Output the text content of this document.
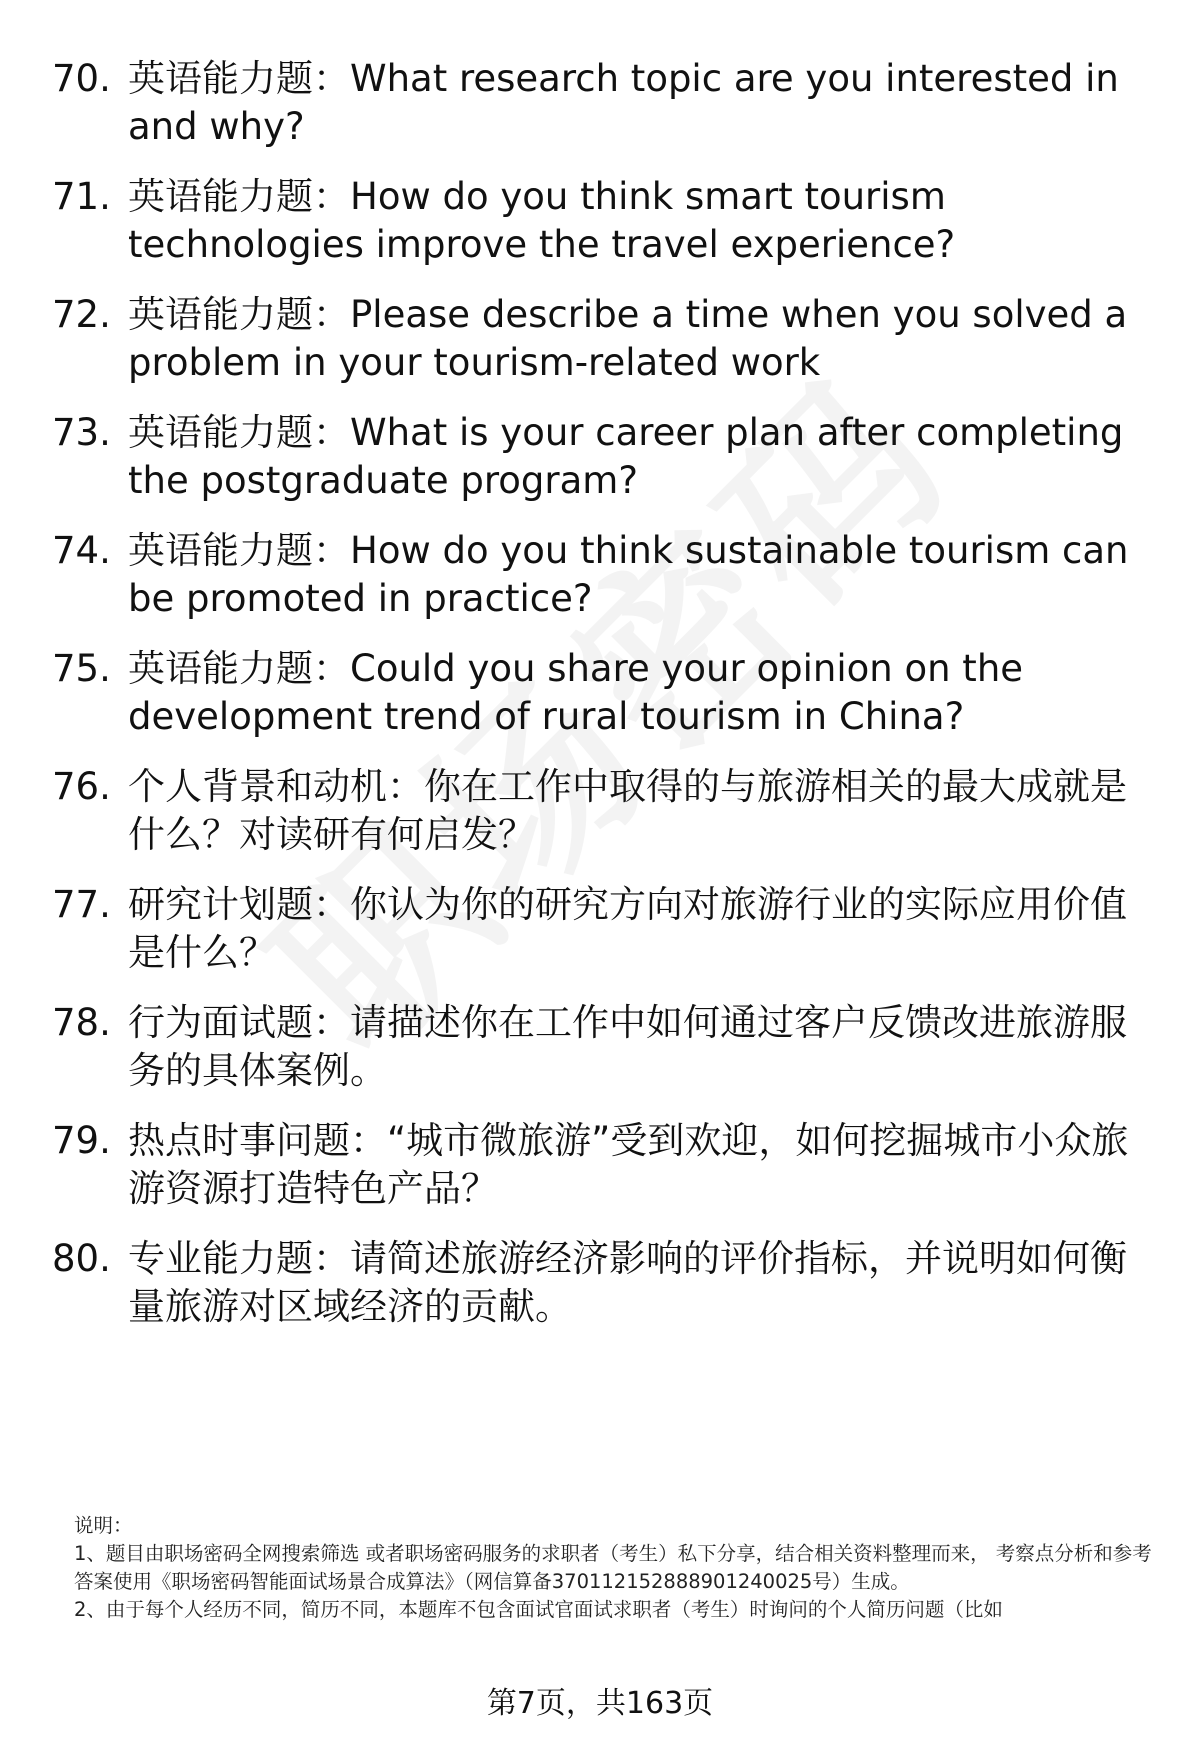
70. 英语能力题：What research topic are you interested in and why?
71. 英语能力题：How do you think smart tourism technologies improve the travel experience?
72. 英语能力题：Please describe a time when you solved a problem in your tourism-related work
73. 英语能力题：What is your career plan after completing the postgraduate program?
74. 英语能力题：How do you think sustainable tourism can be promoted in practice?
75. 英语能力题：Could you share your opinion on the development trend of rural tourism in China?
76. 个人背景和动机：你在工作中取得的与旅游相关的最大成就是什么？对读研有何启发？
77. 研究计划题：你认为你的研究方向对旅游行业的实际应用价值是什么？
78. 行为面试题：请描述你在工作中如何通过客户反馈改进旅游服务的具体案例。
79. 热点时事问题：“城市微旅游”受到欢迎，如何挖掘城市小众旅游资源打造特色产品？
80. 专业能力题：请简述旅游经济影响的评价指标，并说明如何衡量旅游对区域经济的贡献。

说明：

1、题目由职场密码全网搜索筛选 或者职场密码服务的求职者（考生）私下分享，结合相关资料整理而来， 考察点分析和参考答案使用《职场密码智能面试场景合成算法》（网信算备370112152888901240025号）生成。

2、由于每个人经历不同，简历不同，本题库不包含面试官面试求职者（考生）时询问的个人简历问题（比如

第7页，共163页
